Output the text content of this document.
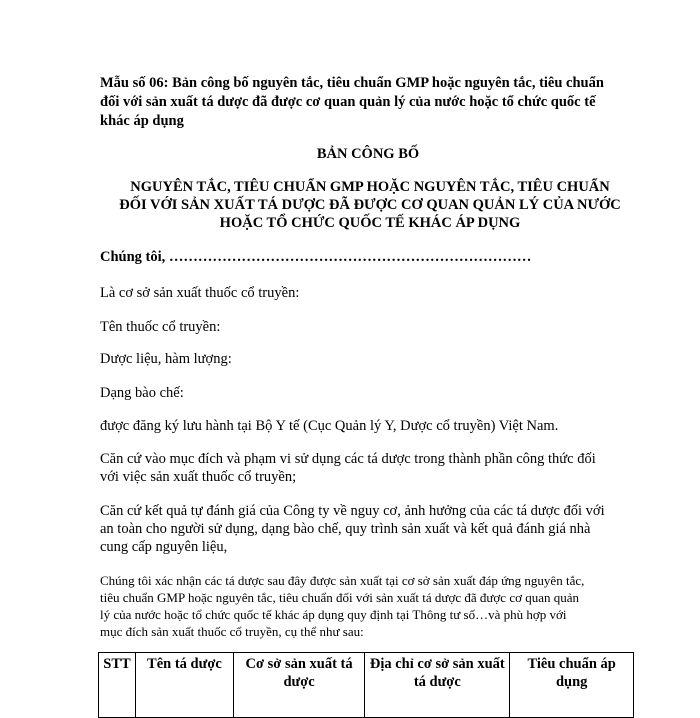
Mẫu số 06: Bản công bố nguyên tắc, tiêu chuẩn GMP hoặc nguyên tắc, tiêu chuẩn
đối với sản xuất tá dược đã được cơ quan quản lý của nước hoặc tổ chức quốc tế
khác áp dụng
BẢN CÔNG BỐ
NGUYÊN TẮC, TIÊU CHUẨN GMP HOẶC NGUYÊN TẮC, TIÊU CHUẨN
ĐỐI VỚI SẢN XUẤT TÁ DƯỢC ĐÃ ĐƯỢC CƠ QUAN QUẢN LÝ CỦA NƯỚC
HOẶC TỔ CHỨC QUỐC TẾ KHÁC ÁP DỤNG
Chúng tôi, …………………………………………………………………
Là cơ sở sản xuất thuốc cổ truyền:
Tên thuốc cổ truyền:
Dược liệu, hàm lượng:
Dạng bào chế:
được đăng ký lưu hành tại Bộ Y tế (Cục Quản lý Y, Dược cổ truyền) Việt Nam.
Căn cứ vào mục đích và phạm vi sử dụng các tá dược trong thành phần công thức đối
với việc sản xuất thuốc cổ truyền;
Căn cứ kết quả tự đánh giá của Công ty về nguy cơ, ảnh hưởng của các tá dược đối với
an toàn cho người sử dụng, dạng bào chế, quy trình sản xuất và kết quả đánh giá nhà
cung cấp nguyên liệu,
Chúng tôi xác nhận các tá dược sau đây được sản xuất tại cơ sở sản xuất đáp ứng nguyên tắc,
tiêu chuẩn GMP hoặc nguyên tắc, tiêu chuẩn đối với sản xuất tá dược đã được cơ quan quản
lý của nước hoặc tổ chức quốc tế khác áp dụng quy định tại Thông tư số…và phù hợp với
mục đích sản xuất thuốc cổ truyền, cụ thể như sau:
STT	Tên tá dược	Cơ sở sản xuất tá dược	Địa chỉ cơ sở sản xuất tá dược	Tiêu chuẩn áp dụng
